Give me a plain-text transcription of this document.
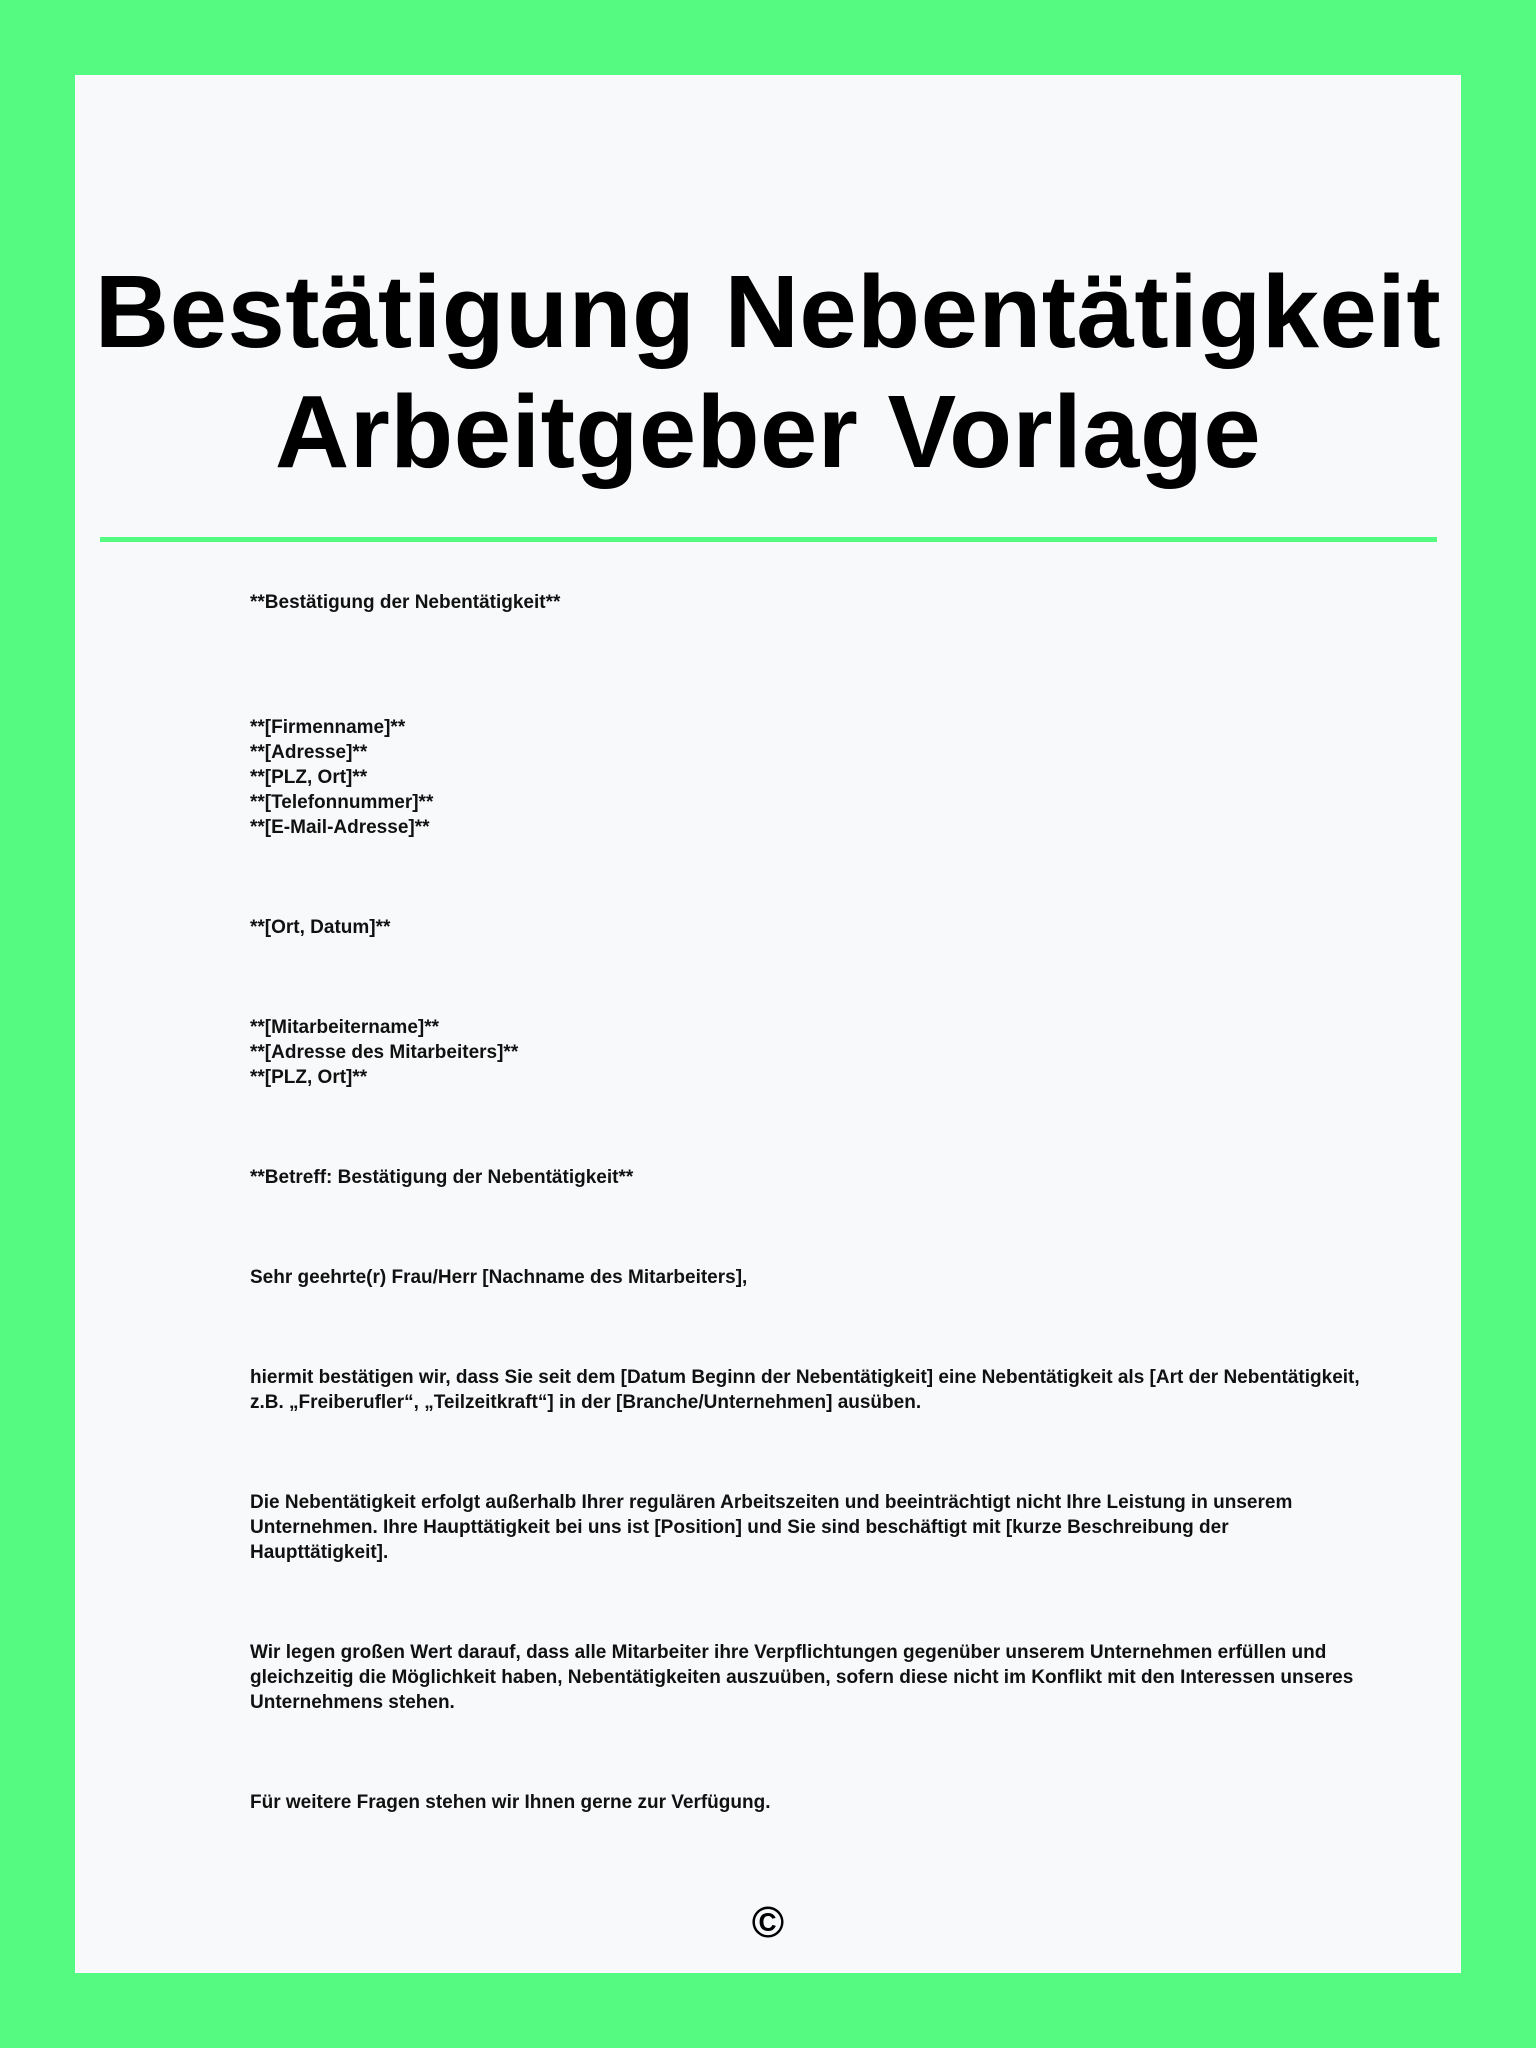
Bestätigung Nebentätigkeit
Arbeitgeber Vorlage

**Bestätigung der Nebentätigkeit**

**[Firmenname]**
**[Adresse]**
**[PLZ, Ort]**
**[Telefonnummer]**
**[E-Mail-Adresse]**

**[Ort, Datum]**

**[Mitarbeitername]**
**[Adresse des Mitarbeiters]**
**[PLZ, Ort]**

**Betreff: Bestätigung der Nebentätigkeit**

Sehr geehrte(r) Frau/Herr [Nachname des Mitarbeiters],

hiermit bestätigen wir, dass Sie seit dem [Datum Beginn der Nebentätigkeit] eine Nebentätigkeit als [Art der Nebentätigkeit, z.B. „Freiberufler“, „Teilzeitkraft“] in der [Branche/Unternehmen] ausüben.

Die Nebentätigkeit erfolgt außerhalb Ihrer regulären Arbeitszeiten und beeinträchtigt nicht Ihre Leistung in unserem Unternehmen. Ihre Haupttätigkeit bei uns ist [Position] und Sie sind beschäftigt mit [kurze Beschreibung der Haupttätigkeit].

Wir legen großen Wert darauf, dass alle Mitarbeiter ihre Verpflichtungen gegenüber unserem Unternehmen erfüllen und gleichzeitig die Möglichkeit haben, Nebentätigkeiten auszuüben, sofern diese nicht im Konflikt mit den Interessen unseres Unternehmens stehen.

Für weitere Fragen stehen wir Ihnen gerne zur Verfügung.

©
